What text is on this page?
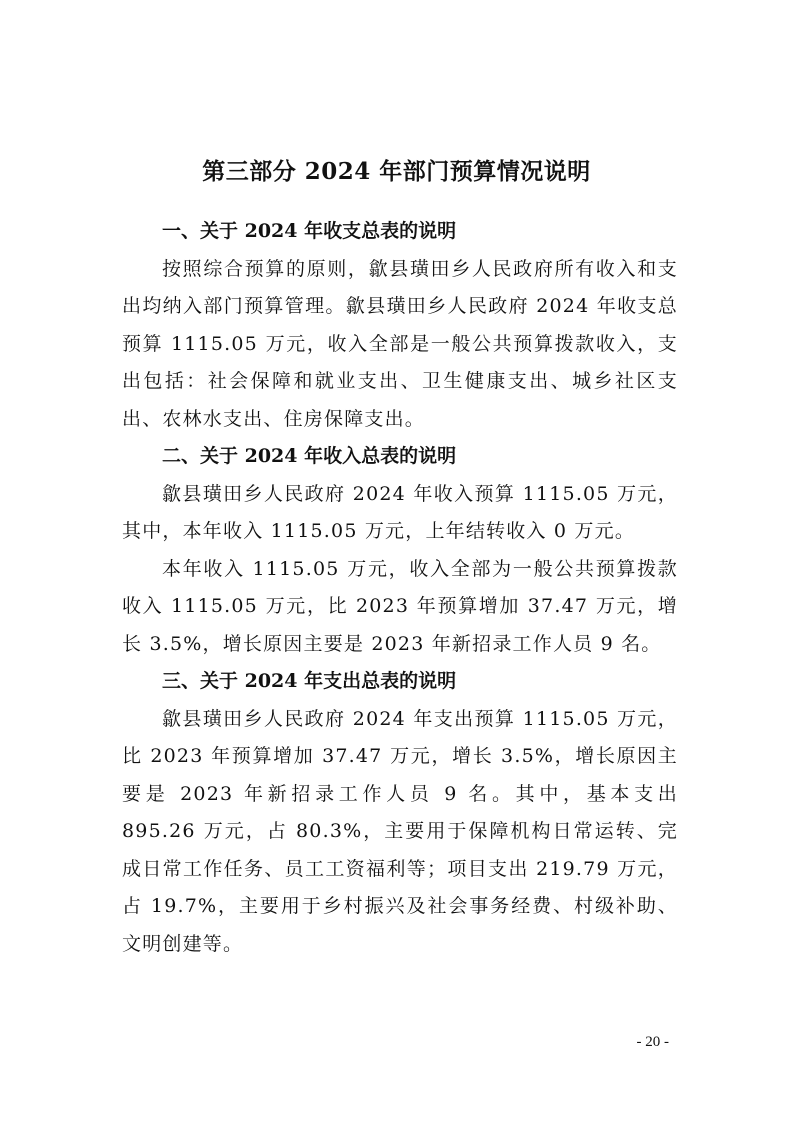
第三部分 2024 年部门预算情况说明

一、关于 2024 年收支总表的说明

按照综合预算的原则，歙县璜田乡人民政府所有收入和支出均纳入部门预算管理。歙县璜田乡人民政府 2024 年收支总预算 1115.05 万元，收入全部是一般公共预算拨款收入，支出包括：社会保障和就业支出、卫生健康支出、城乡社区支出、农林水支出、住房保障支出。

二、关于 2024 年收入总表的说明

歙县璜田乡人民政府 2024 年收入预算 1115.05 万元，其中，本年收入 1115.05 万元，上年结转收入 0 万元。

本年收入 1115.05 万元，收入全部为一般公共预算拨款收入 1115.05 万元，比 2023 年预算增加 37.47 万元，增长 3.5%，增长原因主要是 2023 年新招录工作人员 9 名。

三、关于 2024 年支出总表的说明

歙县璜田乡人民政府 2024 年支出预算 1115.05 万元，比 2023 年预算增加 37.47 万元，增长 3.5%，增长原因主要是 2023 年新招录工作人员 9 名。其中，基本支出 895.26 万元，占 80.3%，主要用于保障机构日常运转、完成日常工作任务、员工工资福利等；项目支出 219.79 万元，占 19.7%，主要用于乡村振兴及社会事务经费、村级补助、文明创建等。

- 20 -
